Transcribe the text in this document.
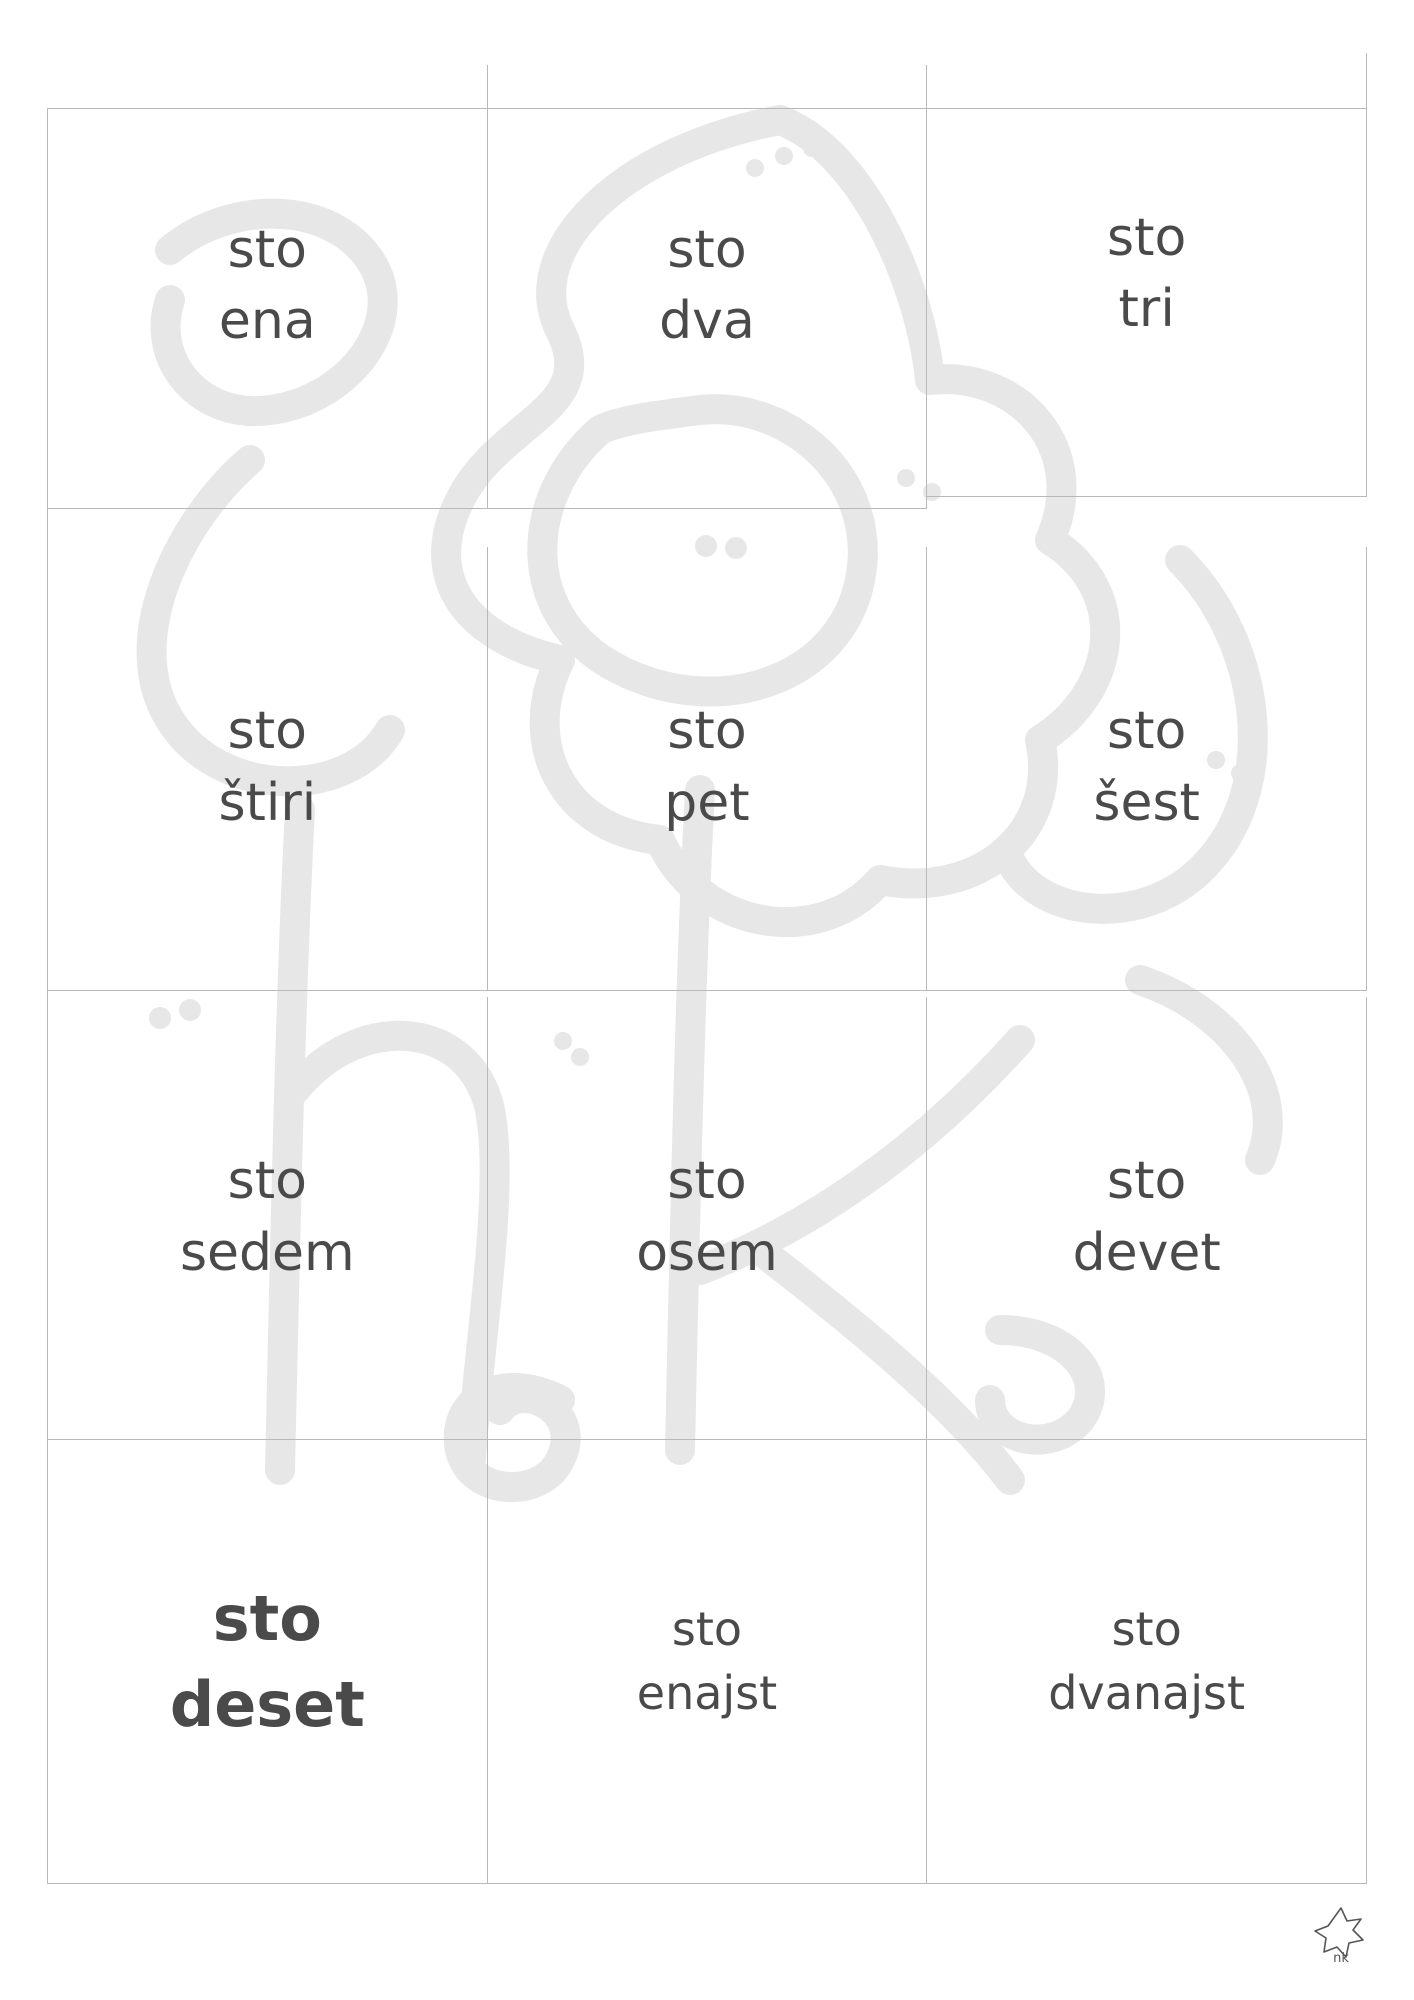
sto
ena
sto
dva
sto
tri
sto
štiri
sto
pet
sto
šest
sto
sedem
sto
osem
sto
devet
sto
deset
sto
enajst
sto
dvanajst
nk
